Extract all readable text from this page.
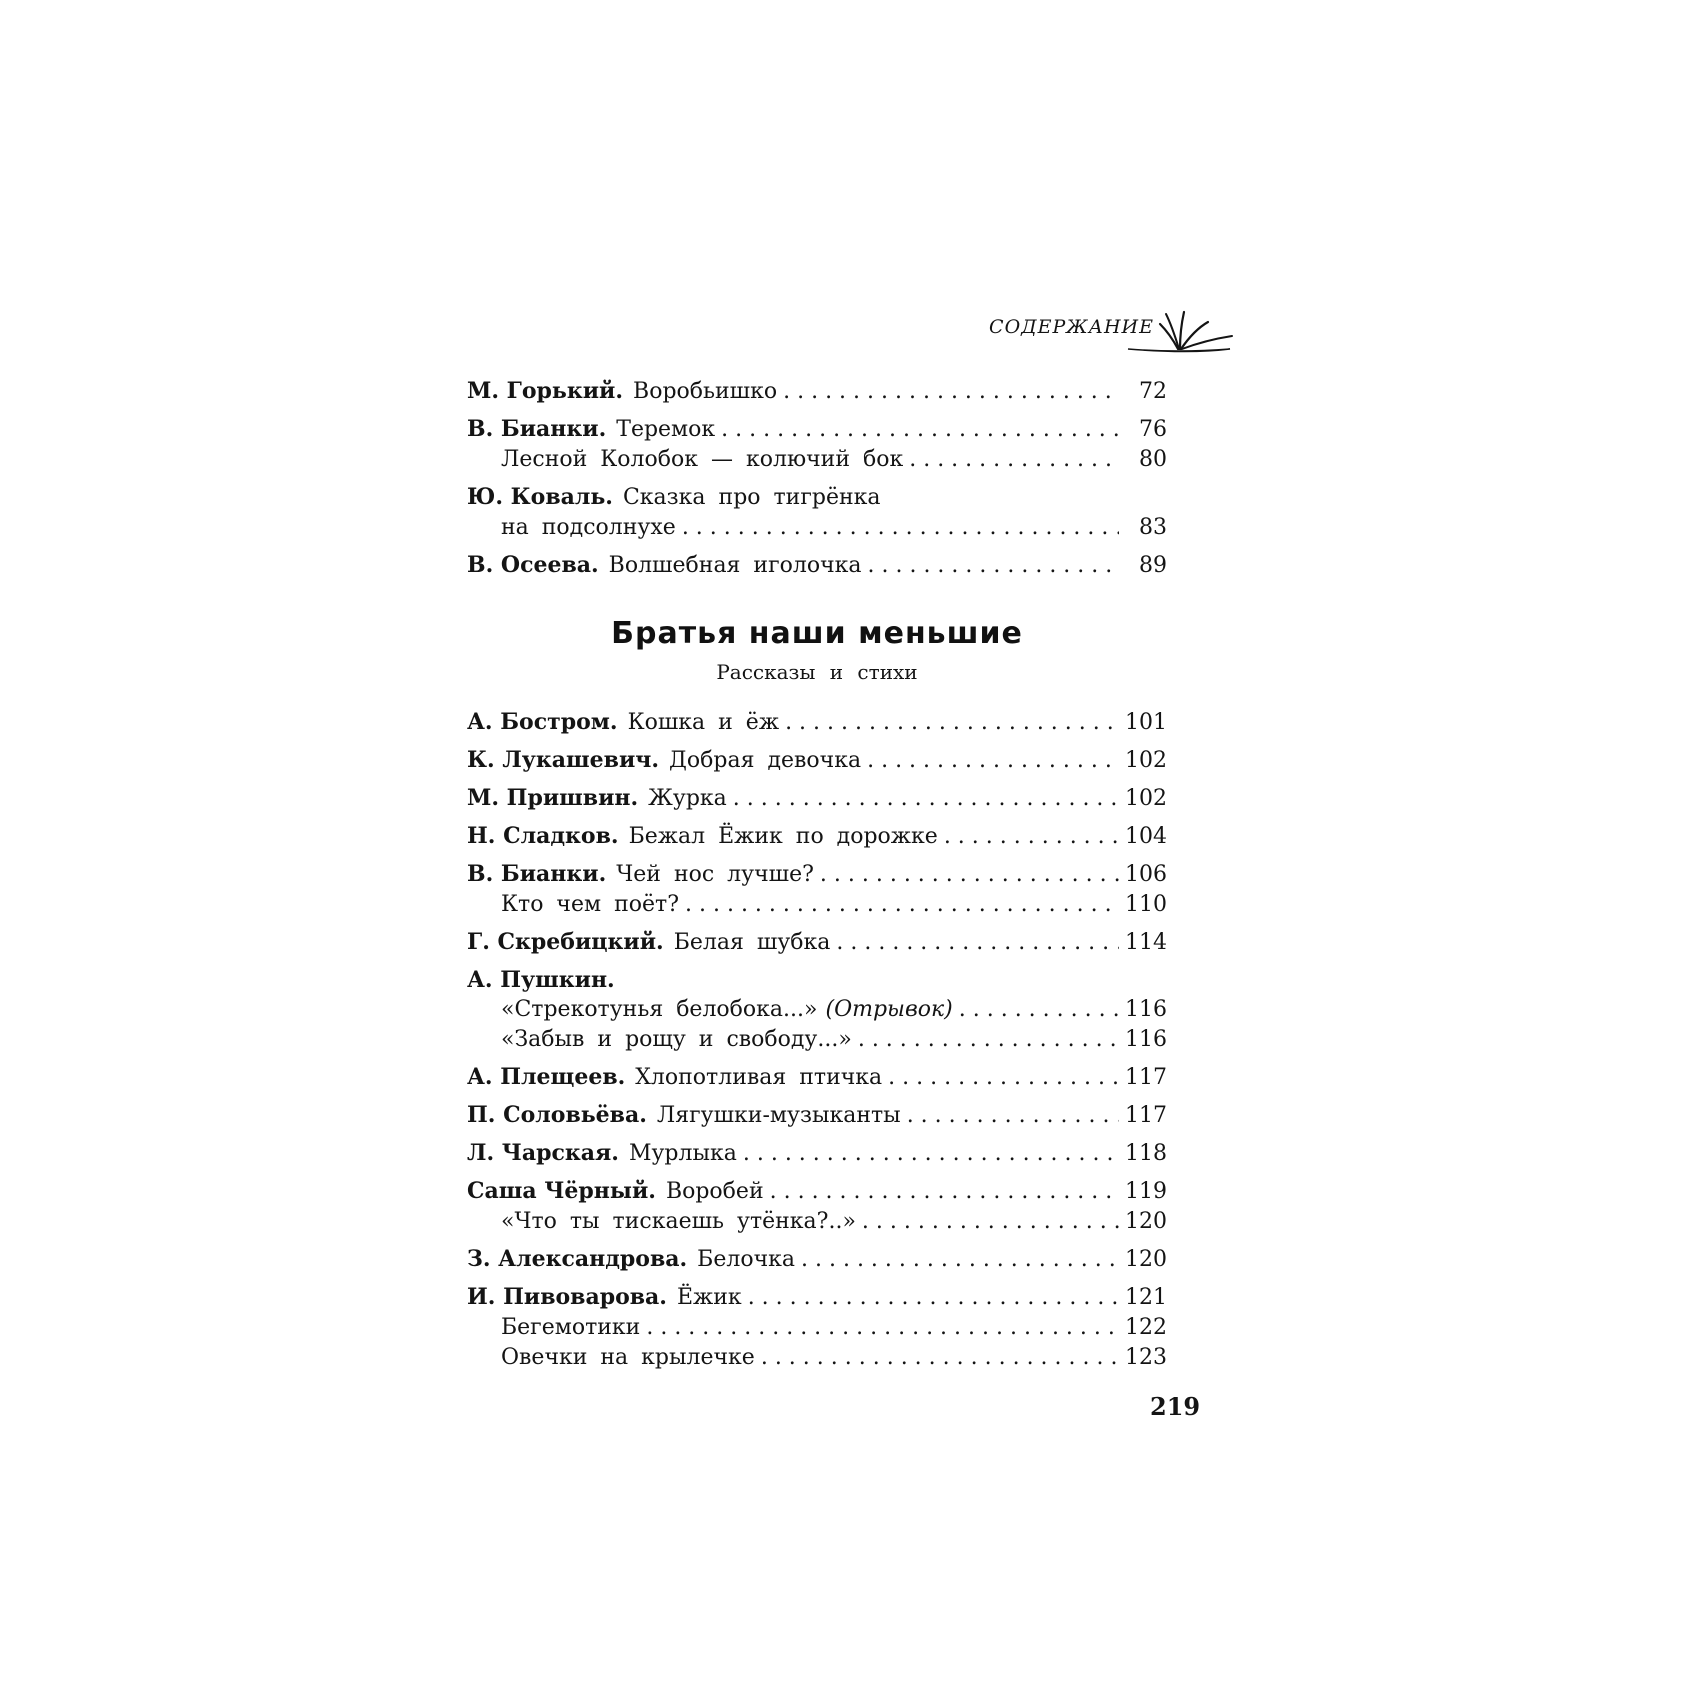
СОДЕРЖАНИЕ
М. Горький. Воробьишко . . .	72
В. Бианки. Теремок . . .	76
Лесной Колобок — колючий бок . . .	80
Ю. Коваль. Сказка про тигрёнка
на подсолнухе . . .	83
В. Осеева. Волшебная иголочка . . .	89
Братья наши меньшие
Рассказы и стихи
А. Бостром. Кошка и ёж . . .	101
К. Лукашевич. Добрая девочка . . .	102
М. Пришвин. Журка . . .	102
Н. Сладков. Бежал Ёжик по дорожке . . .	104
В. Бианки. Чей нос лучше? . . .	106
Кто чем поёт? . . .	110
Г. Скребицкий. Белая шубка . . .	114
А. Пушкин.
«Стрекотунья белобока...» (Отрывок) . . .	116
«Забыв и рощу и свободу...» . . .	116
А. Плещеев. Хлопотливая птичка . . .	117
П. Соловьёва. Лягушки-музыканты . . .	117
Л. Чарская. Мурлыка . . .	118
Саша Чёрный. Воробей . . .	119
«Что ты тискаешь утёнка?..» . . .	120
З. Александрова. Белочка . . .	120
И. Пивоварова. Ёжик . . .	121
Бегемотики . . .	122
Овечки на крылечке . . .	123
219
